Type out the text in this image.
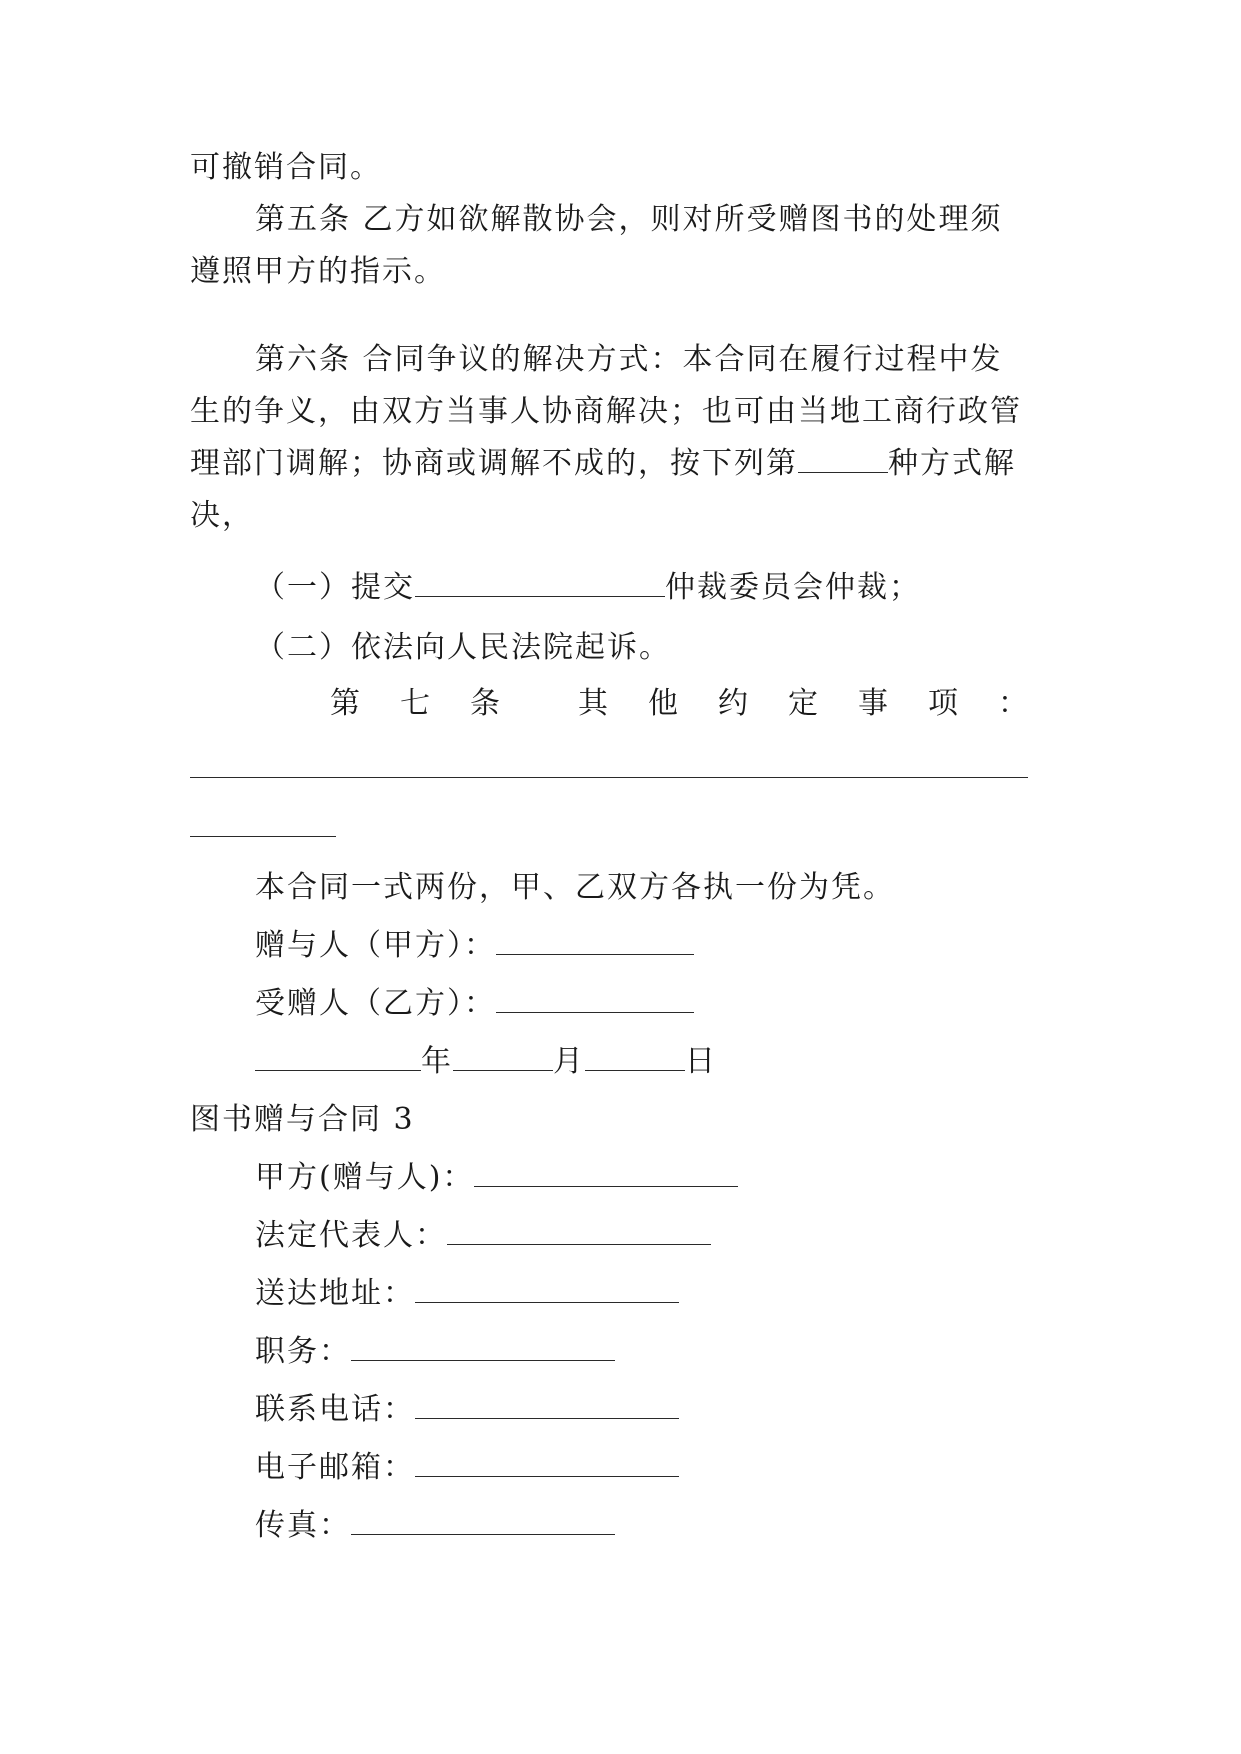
可撤销合同。
第五条 乙方如欲解散协会，则对所受赠图书的处理须
遵照甲方的指示。
第六条 合同争议的解决方式：本合同在履行过程中发
生的争义，由双方当事人协商解决；也可由当地工商行政管
理部门调解；协商或调解不成的，按下列第	种方式解
决，
（一）提交	仲裁委员会仲裁；
（二）依法向人民法院起诉。
第 七 条	其 他 约 定 事 项 ：
本合同一式两份，甲、乙双方各执一份为凭。
赠与人（甲方）：
受赠人（乙方）：
年	月	日
图书赠与合同 3
甲方(赠与人)：
法定代表人：
送达地址：
职务：
联系电话：
电子邮箱：
传真：
